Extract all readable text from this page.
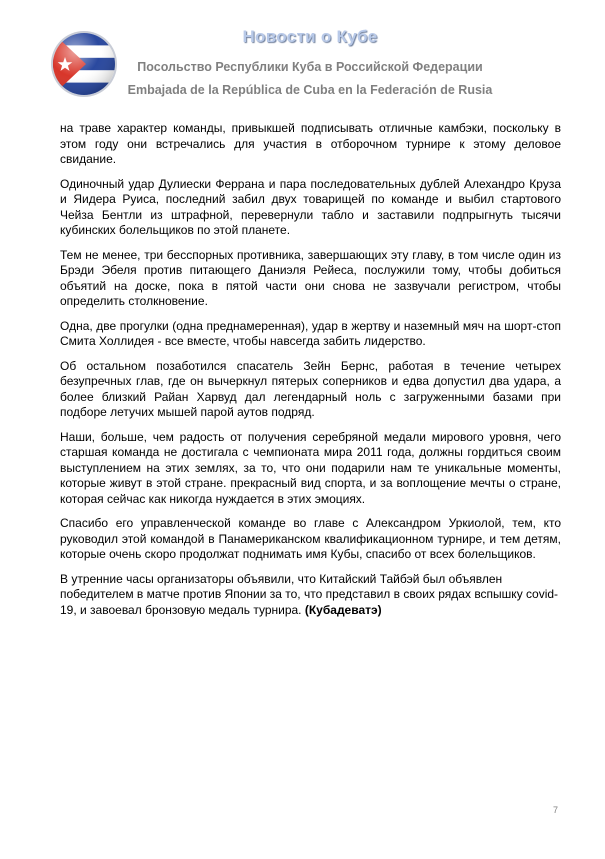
Новости о Кубе
Посольство Республики Куба в Российской Федерации
Embajada de la República de Cuba en la Federación de Rusia

на траве характер команды, привыкшей подписывать отличные камбэки, поскольку в этом году они встречались для участия в отборочном турнире к этому деловое свидание.

Одиночный удар Дулиески Феррана и пара последовательных дублей Алехандро Круза и Яидера Руиса, последний забил двух товарищей по команде и выбил стартового Чейза Бентли из штрафной, перевернули табло и заставили подпрыгнуть тысячи кубинских болельщиков по этой планете.

Тем не менее, три бесспорных противника, завершающих эту главу, в том числе один из Брэди Эбеля против питающего Даниэля Рейеса, послужили тому, чтобы добиться объятий на доске, пока в пятой части они снова не зазвучали регистром, чтобы определить столкновение.

Одна, две прогулки (одна преднамеренная), удар в жертву и наземный мяч на шорт-стоп Смита Холлидея - все вместе, чтобы навсегда забить лидерство.

Об остальном позаботился спасатель Зейн Бернс, работая в течение четырех безупречных глав, где он вычеркнул пятерых соперников и едва допустил два удара, а более близкий Райан Харвуд дал легендарный ноль с загруженными базами при подборе летучих мышей парой аутов подряд.

Наши, больше, чем радость от получения серебряной медали мирового уровня, чего старшая команда не достигала с чемпионата мира 2011 года, должны гордиться своим выступлением на этих землях, за то, что они подарили нам те уникальные моменты, которые живут в этой стране. прекрасный вид спорта, и за воплощение мечты о стране, которая сейчас как никогда нуждается в этих эмоциях.

Спасибо его управленческой команде во главе с Александром Уркиолой, тем, кто руководил этой командой в Панамериканском квалификационном турнире, и тем детям, которые очень скоро продолжат поднимать имя Кубы, спасибо от всех болельщиков.

В утренние часы организаторы объявили, что Китайский Тайбэй был объявлен победителем в матче против Японии за то, что представил в своих рядах вспышку covid-19, и завоевал бронзовую медаль турнира. (Кубадеватэ)

7
